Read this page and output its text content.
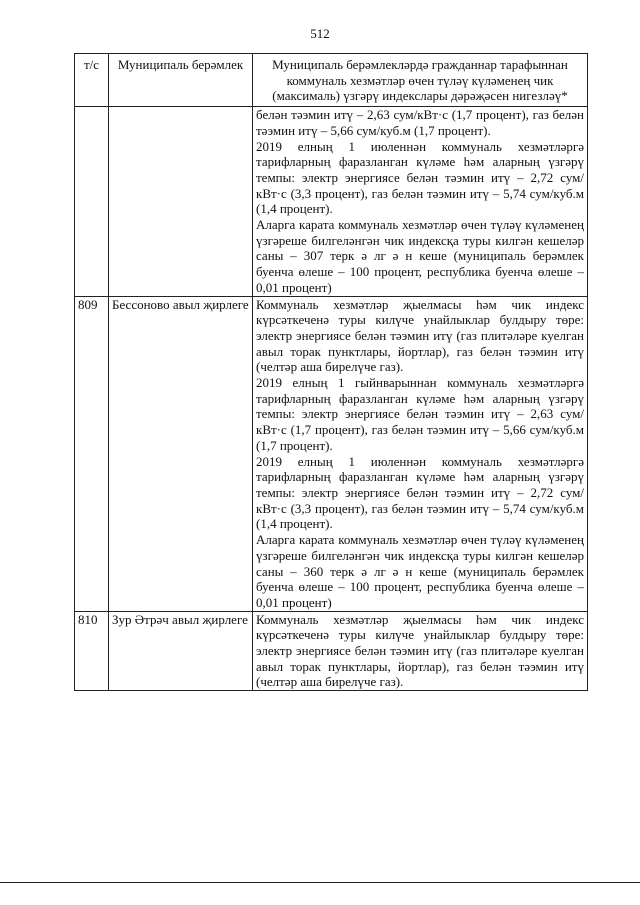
512
т/с	Муниципаль берәмлек	Муниципаль берәмлекләрдә гражданнар тарафыннан коммуналь хезмәтләр өчен түләү күләменең чик (максималь) үзгәрү индекслары дәрәҗәсен нигезләү*

		белән тәэмин итү – 2,63 сум/кВт·с (1,7 процент), газ белән тәэмин итү – 5,66 сум/куб.м (1,7 процент).
2019 елның 1 июленнән коммуналь хезмәтләргә тарифларның фаразланган күләме һәм аларның үзгәрү темпы: электр энергиясе белән тәэмин итү – 2,72 сум/кВт·с (3,3 процент), газ белән тәэмин итү – 5,74 сум/куб.м (1,4 процент).
Аларга карата коммуналь хезмәтләр өчен түләү күләменең үзгәреше билгеләнгән чик индексқа туры килгән кешеләр саны – 307 терк ә лг ә н кеше (муниципаль берәмлек буенча өлеше – 100 процент, республика буенча өлеше – 0,01 процент)

809	Бессоново авыл җирлеге	Коммуналь хезмәтләр җыелмасы һәм чик индекс күрсәткеченә туры килүче унайлыклар булдыру төре: электр энергиясе белән тәэмин итү (газ плитәләре куелган авыл торак пунктлары, йортлар), газ белән тәэмин итү (челтәр аша бирелүче газ).
2019 елның 1 гыйнварыннан коммуналь хезмәтләргә тарифларның фаразланган күләме һәм аларның үзгәрү темпы: электр энергиясе белән тәэмин итү – 2,63 сум/кВт·с (1,7 процент), газ белән тәэмин итү – 5,66 сум/куб.м (1,7 процент).
2019 елның 1 июленнән коммуналь хезмәтләргә тарифларның фаразланган күләме һәм аларның үзгәрү темпы: электр энергиясе белән тәэмин итү – 2,72 сум/кВт·с (3,3 процент), газ белән тәэмин итү – 5,74 сум/куб.м (1,4 процент).
Аларга карата коммуналь хезмәтләр өчен түләү күләменең үзгәреше билгеләнгән чик индексқа туры килгән кешеләр саны – 360 терк ә лг ә н кеше (муниципаль берәмлек буенча өлеше – 100 процент, республика буенча өлеше – 0,01 процент)

810	Зур Әтрәч авыл җирлеге	Коммуналь хезмәтләр җыелмасы һәм чик индекс күрсәткеченә туры килүче унайлыклар булдыру төре: электр энергиясе белән тәэмин итү (газ плитәләре куелган авыл торак пунктлары, йортлар), газ белән тәэмин итү (челтәр аша бирелүче газ).
